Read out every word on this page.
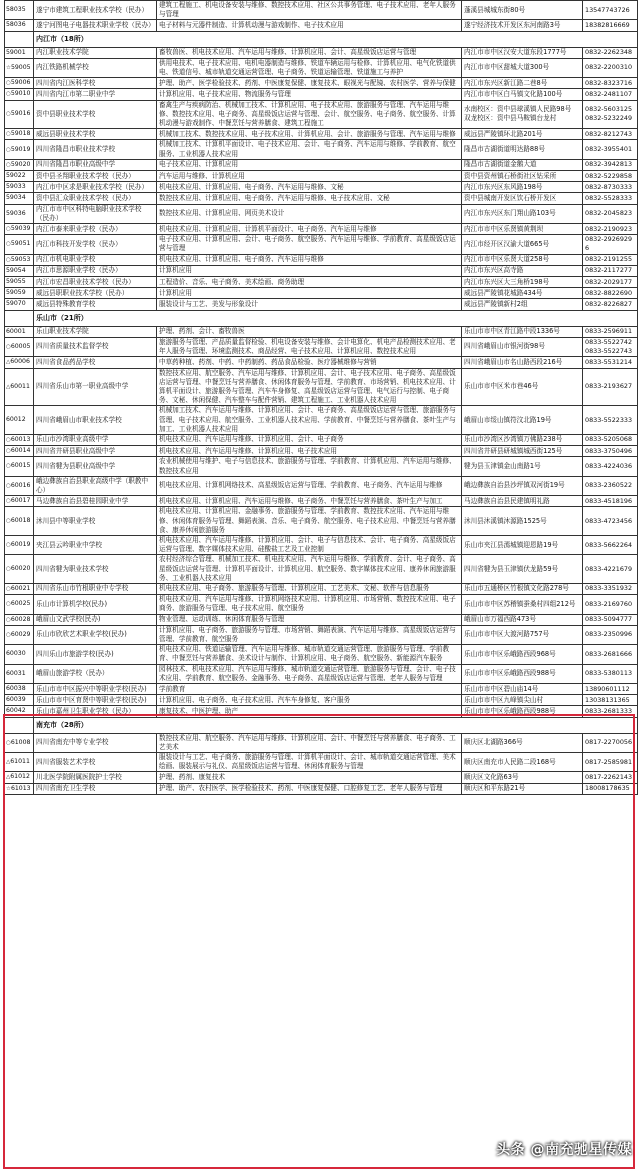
58035	遂宁市建筑工程职业技术学校（民办）	建筑工程施工、机电设备安装与维修、数控技术应用、社区公共事务管理、电子技术应用、老年人服务与管理	蓬溪县城城东街80号	13547743726
58036	遂宁河图电子电器技术职业学校（民办）	电子材料与元器件制造、计算机动漫与游戏制作、电子技术应用	遂宁经济技术开发区东河南路3号	18382816669
	内江市（18所）			
59001	内江职业技术学院	畜牧兽医、机电技术应用、汽车运用与维修、计算机应用、会计、高星级饭店运营与管理	内江市市中区汉安大道东段1777号	0832-2262348
☆59005	内江铁路机械学校	供用电技术、电子技术应用、电机电器制造与维修、铁道车辆运用与检修、计算机应用、电气化铁道供电、铁道信号、城市轨道交通运营管理、电子商务、铁道运输管理、铁道施工与养护	内江市市中区甜城大道300号	0832-2200310
○59006	四川省内江医科学校	护理、助产、医学检验技术、药剂、中医康复保健、康复技术、眼视光与配镜、农村医学、营养与保健	内江市东兴区新江路二巷8号	0832-8323716
○59010	四川省内江市第二职业中学	计算机应用、电子技术应用、物流服务与管理	内江市市中区白马镇文化路100号	0832-2481107
○59016	资中县职业技术学校	畜禽生产与疾病防治、机械加工技术、计算机应用、电子技术应用、旅游服务与管理、汽车运用与维修、数控技术应用、电子商务、高星级饭店运营与管理、会计、航空服务、电子商务、航空服务、计算机动漫与游戏制作、中餐烹饪与营养膳食、建筑工程施工	水南校区：资中县球溪镇人民路98号　双龙校区：资中县马鞍镇台龙村	0832-5603125 0832-5232249
○59018	威远县职业技术学校	机械加工技术、数控技术应用、电子技术应用、计算机应用、会计、旅游服务与管理、汽车运用与维修	威远县严陵镇环北路201号	0832-8212743
○59019	四川省隆昌市职业技术学校	机械加工技术、计算机平面设计、电子技术应用、会计、电子商务、汽车运用与维修、学前教育、航空服务、工业机器人技术应用	隆昌市古湖街道明达路88号	0832-3955401
○59020	四川省隆昌市职业高级中学	电子技术应用、计算机应用	隆昌市古湖街道金鹅大道	0832-3942813
59022	资中县圣翔职业技术学校（民办）	汽车运用与维修、计算机应用	资中县资州镇石桥街社区钻采所	0832-5229858
59033	内江市中区求是职业技术学校（民办）	机电技术应用、计算机应用、电子商务、汽车运用与维修、文秘	内江市东兴区东风路198号	0832-8730333
59034	资中县汇众职业技术学校（民办）	数控技术应用、计算机应用、电子商务、汽车运用与维修、电子技术应用、文秘	资中县城南开发区饮石桥开发区	0832-5528333
59036	内江市市中区科特电脑职业技术学校（民办）	数控技术应用、计算机应用、网页美术设计	内江市东兴区东门翔山路103号	0832-2045823
○59039	内江市泰来职业学校（民办）	机电技术应用、计算机应用、计算机平面设计、电子商务、汽车运用与维修	内江市市中区乐贤镇黄荆坝	0832-2190923
○59051	内江市科技开发学校（民办）	电子技术应用、计算机应用、会计、电子商务、航空服务、汽车运用与维修、学前教育、高星级饭店运营与管理	内江市经开区汉渝大道665号	0832-29269296
○59053	内江市机电职业学校	机电技术应用、计算机应用、电子商务、汽车运用与维修	内江市市中区乐贤大道258号	0832-2191255
59054	内江市思源职业学校（民办）	计算机应用	内江市东兴区高寺路	0832-2117277
59055	内江市宏昌职业技术学校（民办）	工程造价、音乐、电子商务、美术绘画、商务助理	内江市东兴区大三角桥198号	0832-2029177
59059	威远县职职业技术学校（民办）	计算机应用	威远县严陵镇花城路434号	0832-8822690
59070	威远县特殊教育学校	服装设计与工艺、美发与形象设计	威远县严陵镇新村2组	0832-8226827
	乐山市（21所）			
60001	乐山职业技术学院	护理、药剂、会计、畜牧兽医	乐山市市中区青江路中段1336号	0833-2596911
○60005	四川省质量技术监督学校	旅游服务与管理、产品质量监督检验、机电设备安装与维修、会计电算化、机电产品检测技术应用、老年人服务与管理、环境监测技术、商品经营、电子技术应用、计算机应用、数控技术应用	四川省峨眉山市银河街98号	0833-5522742 0833-5522743
△60006	四川省食品药品学校	中草药种植、药剂、中药、中药制药、药品食品检验、医疗器械维修与营销	四川省峨眉山市名山路西段216号	0833-5531214
△60011	四川省乐山市第一职业高级中学	数控技术应用、航空服务、汽车运用与维修、计算机应用、会计、电子技术应用、电子商务、高星级饭店运营与管理、中餐烹饪与营养膳食、休闲体育服务与管理、学前教育、市场营销、机电技术应用、计算机平面设计、旅游服务与管理、汽车车身修复、高星级饭店运营与管理、电气运行与控制、电子商务、文秘、休闲保健、汽车整车与配件营销、建筑工程施工、工业机器人技术应用	乐山市市中区米市巷46号	0833-2193627
60012	四川省峨眉山市职业技术学校	机械加工技术、汽车运用与维修、计算机应用、会计、电子商务、高星级饭店运营与管理、旅游服务与管理、电子技术应用、航空服务、工业机器人技术应用、学前教育、中餐烹饪与营养膳食、茶叶生产与加工、工业机器人技术应用	峨眉山市绥山镇符汶北路19号	0833-5522333
○60013	乐山市沙湾职业高级中学	机电技术应用、汽车运用与维修、计算机应用、会计、电子商务	乐山市沙湾区沙湾镇万佛路238号	0833-5205068
○60014	四川省井研县职业高级中学	机电技术应用、汽车运用与维修、计算机应用、电子技术应用	四川省井研县研城镇城西街125号	0833-3750496
○60015	四川省犍为县职业高级中学	农业机械使用与维护、电子与信息技术、旅游服务与管理、学前教育、计算机应用、汽车运用与维修、数控技术应用	犍为县玉津镇金山南路1号	0833-4224036
○60016	峨边彝族自治县职业高级中学（职教中心）	机电技术应用、计算机网络技术、高星级饭店运营与管理、学前教育、电子商务、汽车运用与维修	峨边彝族自治县沙坪镇双河街19号	0833-2360522
○60017	马边彝族自治县碧桂园职业中学	机电技术应用、计算机应用、汽车运用与维修、电子商务、中餐烹饪与营养膳食、茶叶生产与加工	马边彝族自治县民建镇明礼路	0833-4518196
○60018	沐川县中等职业学校	机电技术应用、计算机应用、金融事务、旅游服务与管理、学前教育、数控技术应用、汽车运用与维修、休闲体育服务与管理、舞蹈表演、音乐、电子商务、航空服务、电子技术应用、中餐烹饪与营养膳食、康养休闲旅游服务	沐川县沐溪镇沐源路1525号	0833-4723456
○60019	夹江县云吟职业中学校	机电技术应用、汽车运用与维修、计算机应用、会计、电子与信息技术、会计、电子商务、高星级饭店运营与管理、数字媒体技术应用、硅酸盐工艺及工业控制	乐山市夹江县漹城镇迎恩路19号	0833-5662264
○60020	四川省犍为职业技术学校	农村经济综合管理、机械加工技术、机电技术应用、汽车运用与维修、学前教育、会计、电子商务、高星级饭店运营与管理、计算机平面设计、计算机应用、航空服务、数字媒体技术应用、康养休闲旅游服务、工业机器人技术应用	四川省犍为县玉津镇伏龙路59号	0833-4221679
○60021	四川省乐山市竹根职业中专学校	机电技术应用、电子商务、旅游服务与管理、计算机应用、工艺美术、文秘、软件与信息服务	乐山市五通桥区竹根镇文化路278号	0833-3351932
○60025	乐山市计算机学校(民办)	机电技术应用、汽车运用与维修、计算机网络技术应用、计算机应用、市场营销、数控技术应用、电子商务、旅游服务与管理、电子技术应用、航空服务	乐山市市中区苏稽镇蚕桑村四组212号	0833-2169760
○60028	峨眉山文武学校(民办)	物业管理、运动训练、休闲体育服务与管理	峨眉山市万福西路473号	0833-5094777
○60029	乐山市欣欣艺术职业学校(民办)	计算机应用、电子商务、旅游服务与管理、市场营销、舞蹈表演、汽车运用与维修、高星级饭店运营与管理、学前教育、航空服务	乐山市市中区大渡河路757号	0833-2350996
60030	四川乐山市旅游学校(民办)	机电技术应用、铁道运输管理、汽车运用与维修、城市轨道交通运营管理、旅游服务与管理、学前教育、中餐烹饪与营养膳食、美术设计与制作、计算机应用、电子商务、航空服务、新能源汽车服务	乐山市市中区乐峨路西段968号	0833-2681666
60031	峨眉山旅游学校（民办）	园林技术、机电技术应用、汽车运用与维修、城市轨道交通运营管理、旅游服务与管理、会计、电子技术应用、学前教育、航空服务、金融事务、电子商务、高星级饭店运营与管理、老年人服务与管理	乐山市市中区乐峨路西段988号	0833-5380113
60038	乐山市市中区振兴中等职业学校(民办)	学前教育	乐山市市中区碧山庙14号	13890601112
60039	乐山市市中区育贤中等职业学校(民办)	计算机应用、电子商务、电子技术应用、汽车车身修复、客户服务	乐山市市中区九峰镇尖山村	13038131365
60042	乐山市嘉州卫生职业学校（民办）	康复技术、中医护理、助产	乐山市市中区乐峨路西段988号	0833-2681333
	南充市（28所）			
○61008	四川省南充中等专业学校	数控技术应用、航空服务、汽车运用与维修、计算机应用、会计、中餐烹饪与营养膳食、电子商务、工艺美术	顺庆区北湖路366号	0817-2270056
△61011	四川省服装艺术学校	服装设计与工艺、电子商务、旅游服务与管理、计算机平面设计、会计、城市轨道交通运营管理、美术绘画、服装展示与礼仪、高星级饭店运营与管理、休闲体育服务与管理	顺庆区南充市人民路二段168号	0817-2585981
△61012	川北医学院附属医院护士学校	护理、药剂、康复技术	顺庆区文化路63号	0817-2262143
☆61013	四川省南充卫生学校	护理、助产、农村医学、医学检验技术、药剂、中医康复保健、口腔修复工艺、老年人服务与管理	顺庆区和平东路21号	18008178635
头条 @南充驰星传媒
